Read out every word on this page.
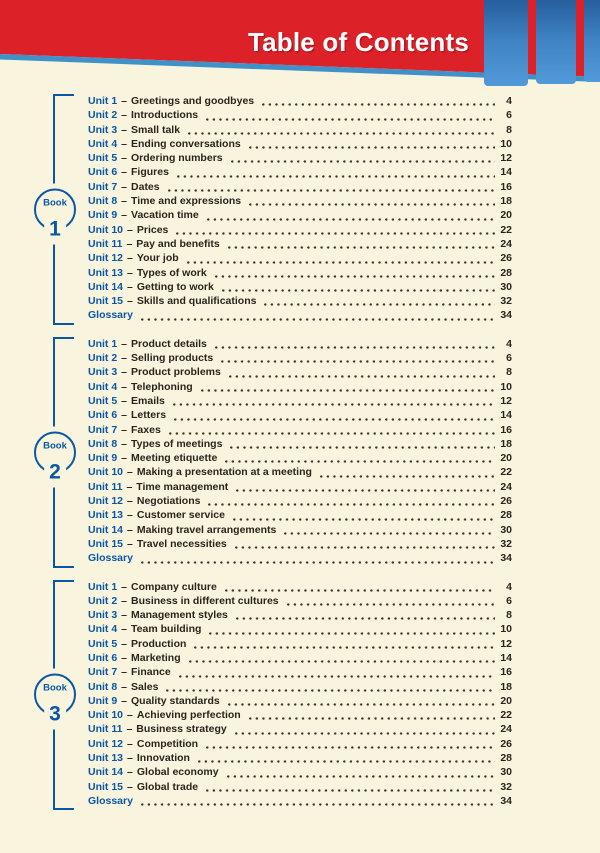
Table of Contents
Book
1
Unit 1 – Greetings and goodbyes	4
Unit 2 – Introductions	6
Unit 3 – Small talk	8
Unit 4 – Ending conversations	10
Unit 5 – Ordering numbers	12
Unit 6 – Figures	14
Unit 7 – Dates	16
Unit 8 – Time and expressions	18
Unit 9 – Vacation time	20
Unit 10 – Prices	22
Unit 11 – Pay and benefits	24
Unit 12 – Your job	26
Unit 13 – Types of work	28
Unit 14 – Getting to work	30
Unit 15 – Skills and qualifications	32
Glossary	34
Book
2
Unit 1 – Product details	4
Unit 2 – Selling products	6
Unit 3 – Product problems	8
Unit 4 – Telephoning	10
Unit 5 – Emails	12
Unit 6 – Letters	14
Unit 7 – Faxes	16
Unit 8 – Types of meetings	18
Unit 9 – Meeting etiquette	20
Unit 10 – Making a presentation at a meeting	22
Unit 11 – Time management	24
Unit 12 – Negotiations	26
Unit 13 – Customer service	28
Unit 14 – Making travel arrangements	30
Unit 15 – Travel necessities	32
Glossary	34
Book
3
Unit 1 – Company culture	4
Unit 2 – Business in different cultures	6
Unit 3 – Management styles	8
Unit 4 – Team building	10
Unit 5 – Production	12
Unit 6 – Marketing	14
Unit 7 – Finance	16
Unit 8 – Sales	18
Unit 9 – Quality standards	20
Unit 10 – Achieving perfection	22
Unit 11 – Business strategy	24
Unit 12 – Competition	26
Unit 13 – Innovation	28
Unit 14 – Global economy	30
Unit 15 – Global trade	32
Glossary	34
